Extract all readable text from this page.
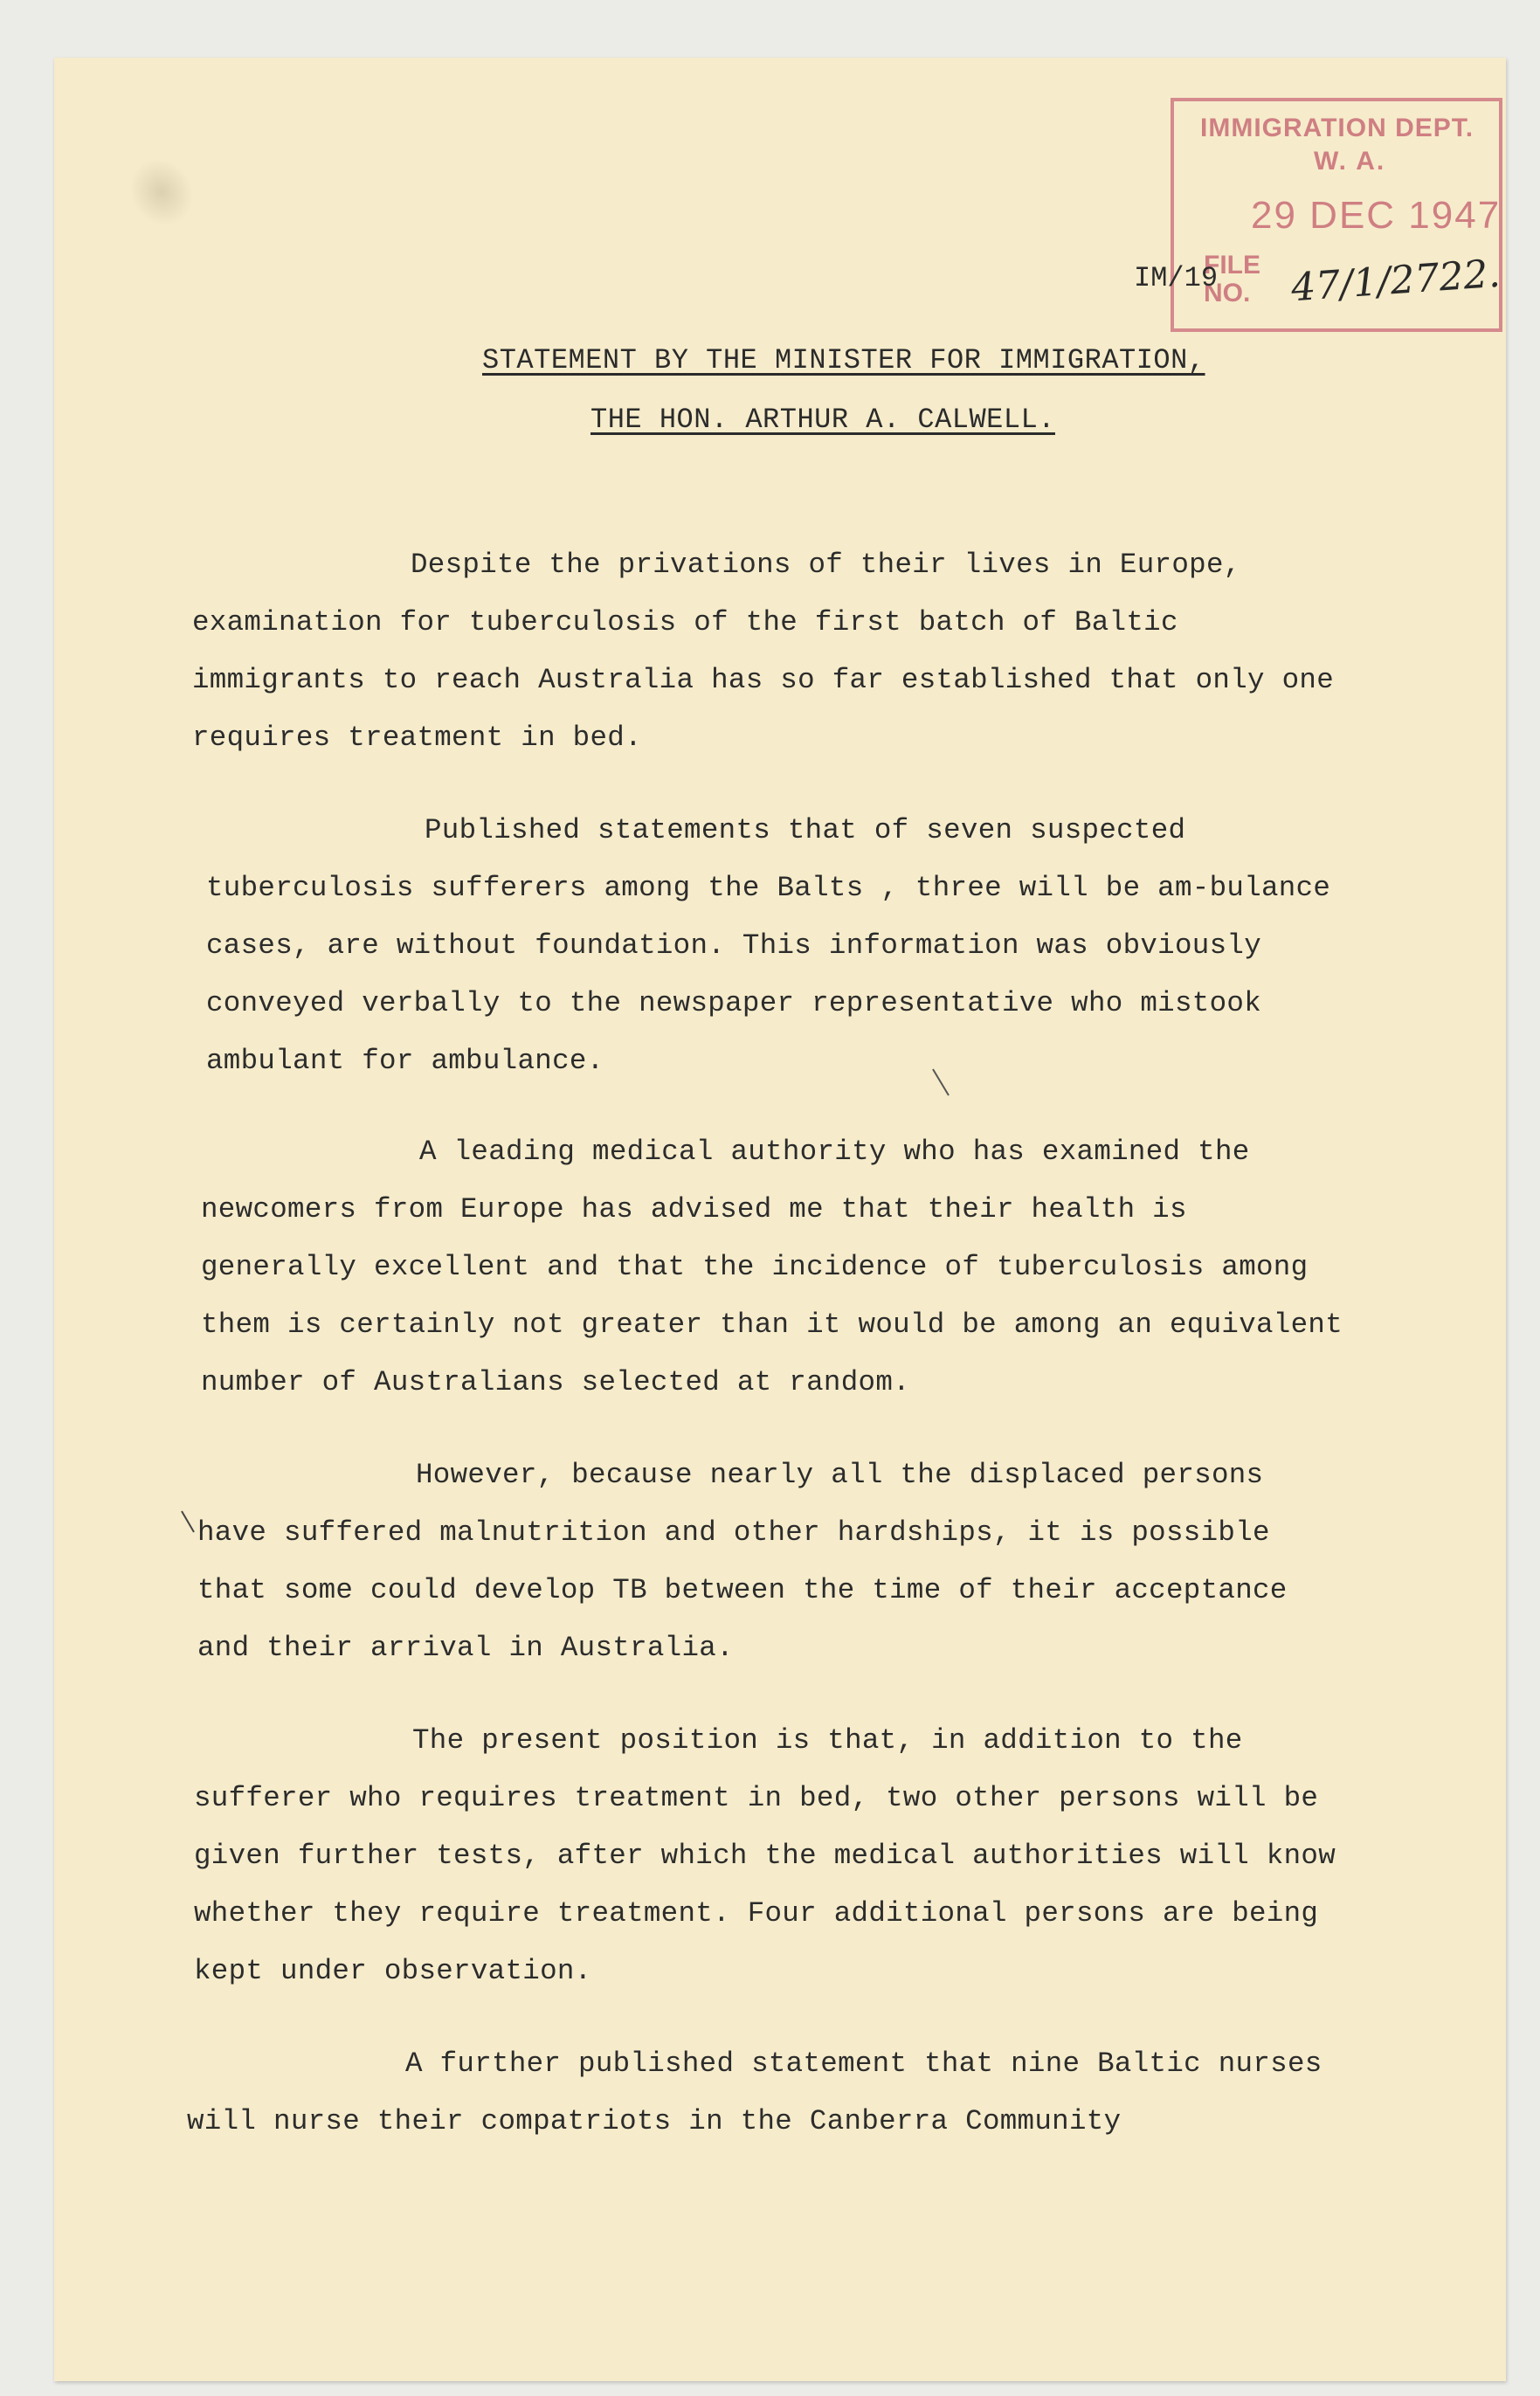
IMMIGRATION DEPT.
W. A.
29 DEC 1947
FILE
NO. 47/1/2722.
IM/19
STATEMENT BY THE MINISTER FOR IMMIGRATION,
THE HON. ARTHUR A. CALWELL.

Despite the privations of their lives in Europe, examination for tuberculosis of the first batch of Baltic immigrants to reach Australia has so far established that only one requires treatment in bed.

Published statements that of seven suspected tuberculosis sufferers among the Balts , three will be am-bulance cases, are without foundation. This information was obviously conveyed verbally to the newspaper representative who mistook ambulant for ambulance.

A leading medical authority who has examined the newcomers from Europe has advised me that their health is generally excellent and that the incidence of tuberculosis among them is certainly not greater than it would be among an equivalent number of Australians selected at random.

However, because nearly all the displaced persons have suffered malnutrition and other hardships, it is possible that some could develop TB between the time of their acceptance and their arrival in Australia.

The present position is that, in addition to the sufferer who requires treatment in bed, two other persons will be given further tests, after which the medical authorities will know whether they require treatment. Four additional persons are being kept under observation.

A further published statement that nine Baltic nurses will nurse their compatriots in the Canberra Community
